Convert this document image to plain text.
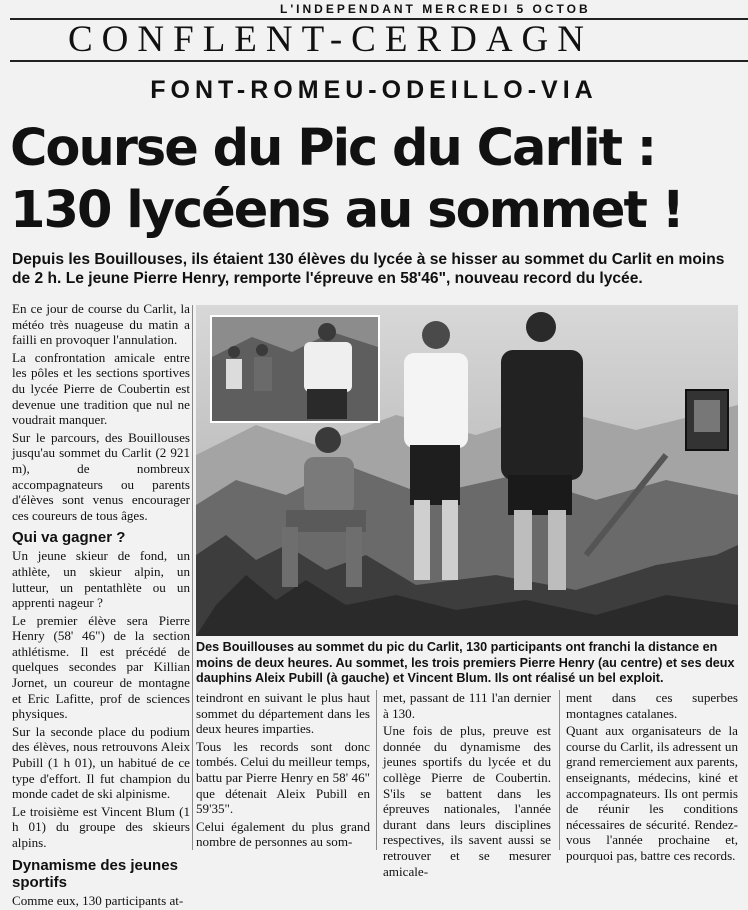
L'INDEPENDANT MERCREDI 5 OCTOB
CONFLENT-CERDAGN
FONT-ROMEU-ODEILLO-VIA
Course du Pic du Carlit :
130 lycéens au sommet !
Depuis les Bouillouses, ils étaient 130 élèves du lycée à se hisser au sommet du Carlit en moins de 2 h. Le jeune Pierre Henry, remporte l'épreuve en 58'46", nouveau record du lycée.

En ce jour de course du Carlit, la météo très nuageuse du matin a failli en provoquer l'annulation.

La confrontation amicale entre les pôles et les sections sportives du lycée Pierre de Coubertin est devenue une tradition que nul ne voudrait manquer.

Sur le parcours, des Bouillouses jusqu'au sommet du Carlit (2 921 m), de nombreux accompagnateurs ou parents d'élèves sont venus encourager ces coureurs de tous âges.

Qui va gagner ?

Un jeune skieur de fond, un athlète, un skieur alpin, un lutteur, un pentathlète ou un apprenti nageur ?

Le premier élève sera Pierre Henry (58' 46") de la section athlétisme. Il est précédé de quelques secondes par Killian Jornet, un coureur de montagne et Eric Lafitte, prof de sciences physiques.

Sur la seconde place du podium des élèves, nous retrouvons Aleix Pubill (1 h 01), un habitué de ce type d'effort. Il fut champion du monde cadet de ski alpinisme.

Le troisième est Vincent Blum (1 h 01) du groupe des skieurs alpins.

Dynamisme des jeunes sportifs

Comme eux, 130 participants at-

Des Bouillouses au sommet du pic du Carlit, 130 participants ont franchi la distance en moins de deux heures. Au sommet, les trois premiers Pierre Henry (au centre) et ses deux dauphins Aleix Pubill (à gauche) et Vincent Blum. Ils ont réalisé un bel exploit.

teindront en suivant le plus haut sommet du département dans les deux heures imparties.

Tous les records sont donc tombés. Celui du meilleur temps, battu par Pierre Henry en 58' 46" que détenait Aleix Pubill en 59'35".

Celui également du plus grand nombre de personnes au som-

met, passant de 111 l'an dernier à 130.

Une fois de plus, preuve est donnée du dynamisme des jeunes sportifs du lycée et du collège Pierre de Coubertin. S'ils se battent dans les épreuves nationales, l'année durant dans leurs disciplines respectives, ils savent aussi se retrouver et se mesurer amicale-

ment dans ces superbes montagnes catalanes.

Quant aux organisateurs de la course du Carlit, ils adressent un grand remerciement aux parents, enseignants, médecins, kiné et accompagnateurs. Ils ont permis de réunir les conditions nécessaires de sécurité. Rendez-vous l'année prochaine et, pourquoi pas, battre ces records.
